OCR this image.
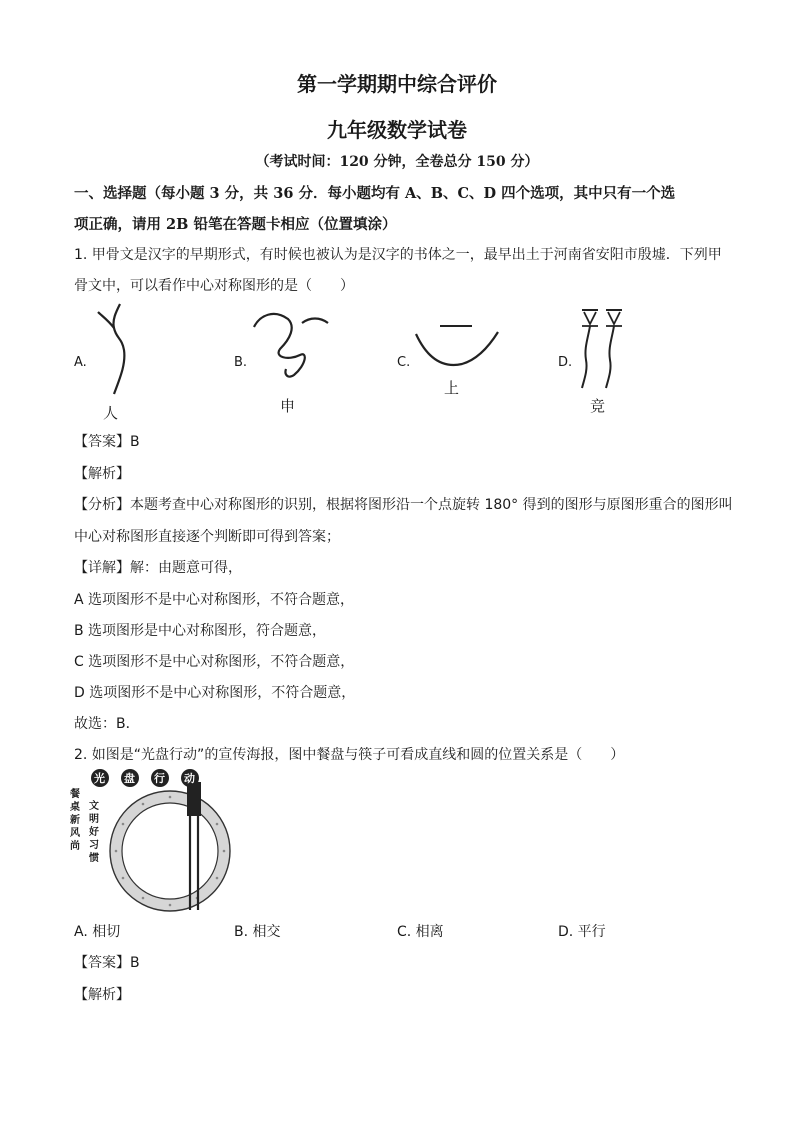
第一学期期中综合评价
九年级数学试卷
（考试时间：120 分钟，全卷总分 150 分）
一、选择题（每小题 3 分，共 36 分．每小题均有 A、B、C、D 四个选项，其中只有一个选
项正确，请用 2B 铅笔在答题卡相应（位置填涂）
1. 甲骨文是汉字的早期形式，有时候也被认为是汉字的书体之一，最早出土于河南省安阳市殷墟．下列甲
骨文中，可以看作中心对称图形的是（　　）
A.
人
B.
申
C.
上
D.
竞
【答案】B
【解析】
【分析】本题考查中心对称图形的识别，根据将图形沿一个点旋转 180° 得到的图形与原图形重合的图形叫
中心对称图形直接逐个判断即可得到答案；
【详解】解：由题意可得，
A 选项图形不是中心对称图形，不符合题意，
B 选项图形是中心对称图形，符合题意，
C 选项图形不是中心对称图形，不符合题意，
D 选项图形不是中心对称图形，不符合题意，
故选：B．
2. 如图是“光盘行动”的宣传海报，图中餐盘与筷子可看成直线和圆的位置关系是（　　）
光 盘 行 动
餐
桌
新
风
尚
文
明
好
习
惯
A. 相切	B. 相交	C. 相离	D. 平行
【答案】B
【解析】
